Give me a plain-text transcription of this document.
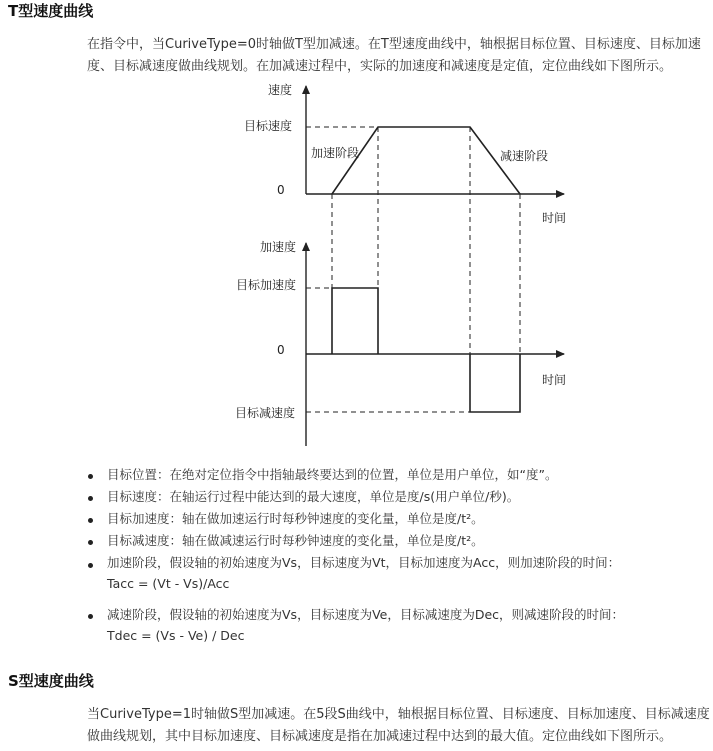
T型速度曲线
在指令中，当CuriveType=0时轴做T型加减速。在T型速度曲线中，轴根据目标位置、目标速度、目标加速
度、目标减速度做曲线规划。在加减速过程中，实际的加速度和减速度是定值，定位曲线如下图所示。
速度
目标速度
0
时间
加速阶段	减速阶段
加速度
目标加速度
0
时间
目标减速度
目标位置：在绝对定位指令中指轴最终要达到的位置，单位是用户单位，如“度”。
目标速度：在轴运行过程中能达到的最大速度，单位是度/s(用户单位/秒)。
目标加速度：轴在做加速运行时每秒钟速度的变化量，单位是度/t²。
目标减速度：轴在做减速运行时每秒钟速度的变化量，单位是度/t²。
加速阶段，假设轴的初始速度为Vs，目标速度为Vt，目标加速度为Acc，则加速阶段的时间：
Tacc = (Vt - Vs)/Acc
减速阶段，假设轴的初始速度为Vs，目标速度为Ve，目标减速度为Dec，则减速阶段的时间：
Tdec = (Vs - Ve) / Dec
S型速度曲线
当CuriveType=1时轴做S型加减速。在5段S曲线中，轴根据目标位置、目标速度、目标加速度、目标减速度
做曲线规划，其中目标加速度、目标减速度是指在加减速过程中达到的最大值。定位曲线如下图所示。
